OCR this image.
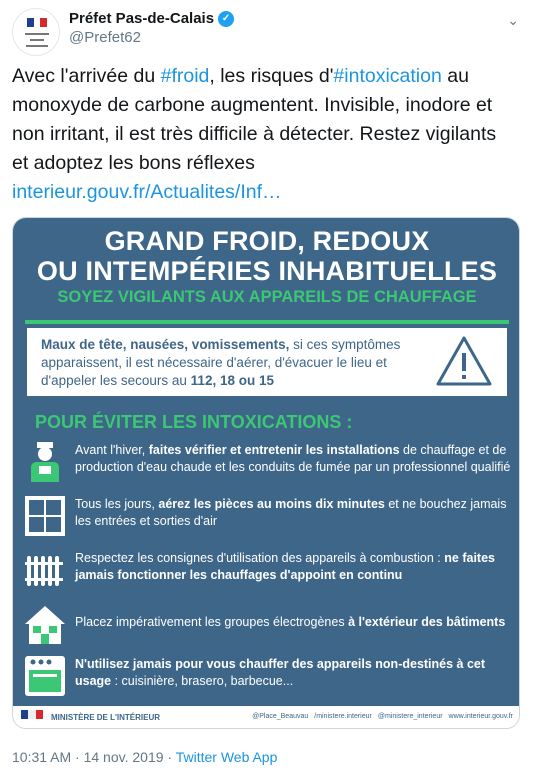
Préfet Pas-de-Calais ✓
@Prefet62
⌄
Avec l'arrivée du #froid, les risques d'#intoxication au monoxyde de carbone augmentent. Invisible, inodore et non irritant, il est très difficile à détecter. Restez vigilants et adoptez les bons réflexes interieur.gouv.fr/Actualites/Inf…
GRAND FROID, REDOUX
OU INTEMPÉRIES INHABITUELLES
SOYEZ VIGILANTS AUX APPAREILS DE CHAUFFAGE
Maux de tête, nausées, vomissements, si ces symptômes apparaissent, il est nécessaire d'aérer, d'évacuer le lieu et d'appeler les secours au 112, 18 ou 15
POUR ÉVITER LES INTOXICATIONS :
Avant l'hiver, faites vérifier et entretenir les installations de chauffage et de production d'eau chaude et les conduits de fumée par un professionnel qualifié
Tous les jours, aérez les pièces au moins dix minutes et ne bouchez jamais les entrées et sorties d'air
Respectez les consignes d'utilisation des appareils à combustion : ne faites jamais fonctionner les chauffages d'appoint en continu
Placez impérativement les groupes électrogènes à l'extérieur des bâtiments
N'utilisez jamais pour vous chauffer des appareils non-destinés à cet usage : cuisinière, brasero, barbecue...
MINISTÈRE DE L'INTÉRIEUR	@Place_Beauvau /ministere.interieur @ministere_interieur www.interieur.gouv.fr
10:31 AM · 14 nov. 2019 · Twitter Web App
